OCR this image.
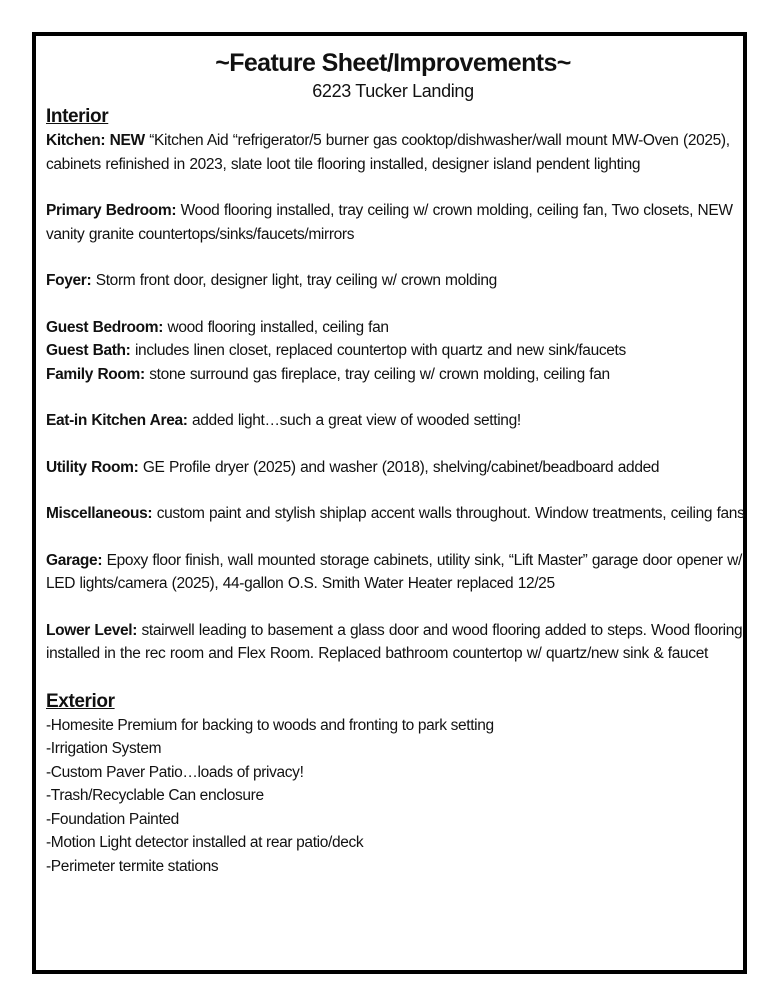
~Feature Sheet/Improvements~
6223 Tucker Landing
Interior

Kitchen: NEW “Kitchen Aid “refrigerator/5 burner gas cooktop/dishwasher/wall mount MW-Oven (2025), cabinets refinished in 2023, slate loot tile flooring installed, designer island pendent lighting

Primary Bedroom: Wood flooring installed, tray ceiling w/ crown molding, ceiling fan, Two closets, NEW vanity granite countertops/sinks/faucets/mirrors

Foyer: Storm front door, designer light, tray ceiling w/ crown molding

Guest Bedroom: wood flooring installed, ceiling fan

Guest Bath: includes linen closet, replaced countertop with quartz and new sink/faucets

Family Room: stone surround gas fireplace, tray ceiling w/ crown molding, ceiling fan

Eat-in Kitchen Area: added light…such a great view of wooded setting!

Utility Room: GE Profile dryer (2025) and washer (2018), shelving/cabinet/beadboard added

Miscellaneous: custom paint and stylish shiplap accent walls throughout. Window treatments, ceiling fans

Garage: Epoxy floor finish, wall mounted storage cabinets, utility sink, “Lift Master” garage door opener w/ LED lights/camera (2025), 44-gallon O.S. Smith Water Heater replaced 12/25

Lower Level: stairwell leading to basement a glass door and wood flooring added to steps. Wood flooring installed in the rec room and Flex Room. Replaced bathroom countertop w/ quartz/new sink & faucet

Exterior
-Homesite Premium for backing to woods and fronting to park setting
-Irrigation System
-Custom Paver Patio…loads of privacy!
-Trash/Recyclable Can enclosure
-Foundation Painted
-Motion Light detector installed at rear patio/deck
-Perimeter termite stations
